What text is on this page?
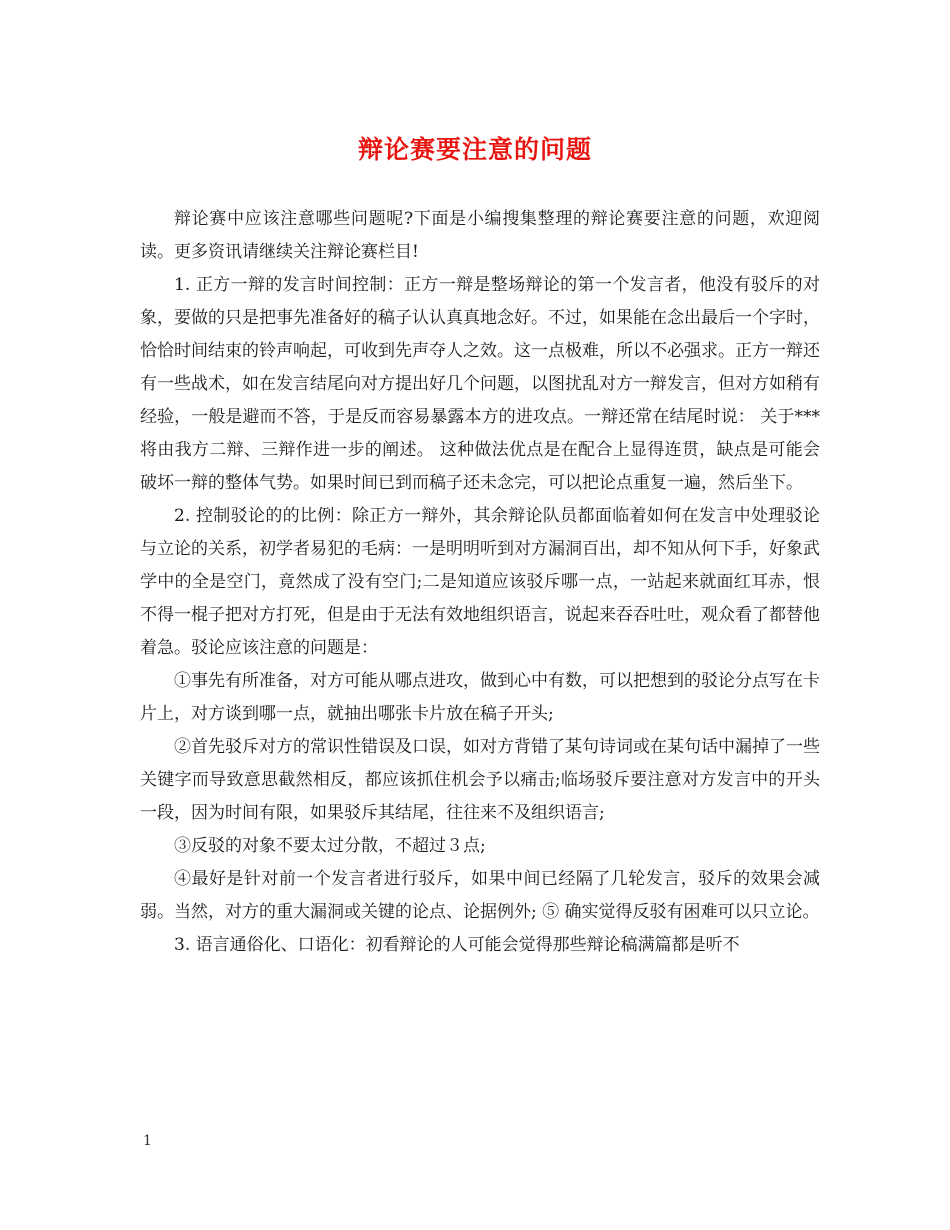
辩论赛要注意的问题

辩论赛中应该注意哪些问题呢?下面是小编搜集整理的辩论赛要注意的问题，欢迎阅读。更多资讯请继续关注辩论赛栏目!

1. 正方一辩的发言时间控制：正方一辩是整场辩论的第一个发言者，他没有驳斥的对象，要做的只是把事先准备好的稿子认认真真地念好。不过，如果能在念出最后一个字时，恰恰时间结束的铃声响起，可收到先声夺人之效。这一点极难，所以不必强求。正方一辩还有一些战术，如在发言结尾向对方提出好几个问题，以图扰乱对方一辩发言，但对方如稍有经验，一般是避而不答，于是反而容易暴露本方的进攻点。一辩还常在结尾时说： 关于***将由我方二辩、三辩作进一步的阐述。 这种做法优点是在配合上显得连贯，缺点是可能会破坏一辩的整体气势。如果时间已到而稿子还未念完，可以把论点重复一遍，然后坐下。

2. 控制驳论的的比例：除正方一辩外，其余辩论队员都面临着如何在发言中处理驳论与立论的关系，初学者易犯的毛病：一是明明听到对方漏洞百出，却不知从何下手，好象武学中的全是空门，竟然成了没有空门;二是知道应该驳斥哪一点，一站起来就面红耳赤，恨不得一棍子把对方打死，但是由于无法有效地组织语言，说起来吞吞吐吐，观众看了都替他着急。驳论应该注意的问题是：

①事先有所准备，对方可能从哪点进攻，做到心中有数，可以把想到的驳论分点写在卡片上，对方谈到哪一点，就抽出哪张卡片放在稿子开头;

②首先驳斥对方的常识性错误及口误，如对方背错了某句诗词或在某句话中漏掉了一些关键字而导致意思截然相反，都应该抓住机会予以痛击;临场驳斥要注意对方发言中的开头一段，因为时间有限，如果驳斥其结尾，往往来不及组织语言;

③反驳的对象不要太过分散，不超过３点;

④最好是针对前一个发言者进行驳斥，如果中间已经隔了几轮发言，驳斥的效果会减弱。当然，对方的重大漏洞或关键的论点、论据例外; ⑤ 确实觉得反驳有困难可以只立论。

3. 语言通俗化、口语化：初看辩论的人可能会觉得那些辩论稿满篇都是听不

1
